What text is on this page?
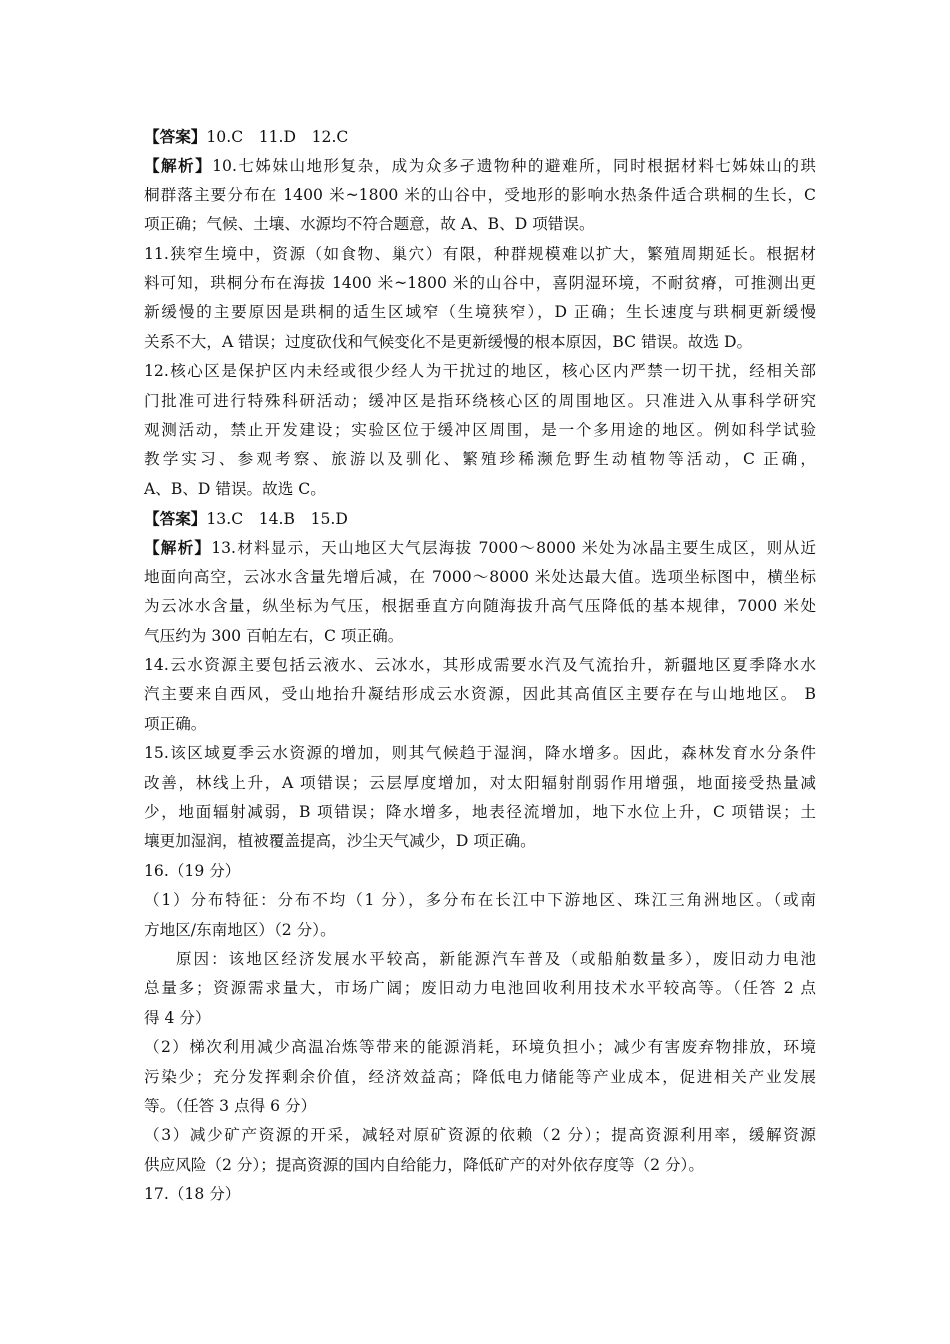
【答案】10.C　11.D　12.C
【解析】10.七姊妹山地形复杂，成为众多孑遗物种的避难所，同时根据材料七姊妹山的珙
桐群落主要分布在 1400 米~1800 米的山谷中，受地形的影响水热条件适合珙桐的生长，C
项正确；气候、土壤、水源均不符合题意，故 A、B、D 项错误。
11.狭窄生境中，资源（如食物、巢穴）有限，种群规模难以扩大，繁殖周期延长。根据材
料可知，珙桐分布在海拔 1400 米~1800 米的山谷中，喜阴湿环境，不耐贫瘠，可推测出更
新缓慢的主要原因是珙桐的适生区域窄（生境狭窄），D 正确；生长速度与珙桐更新缓慢
关系不大，A 错误；过度砍伐和气候变化不是更新缓慢的根本原因，BC 错误。故选 D。
12.核心区是保护区内未经或很少经人为干扰过的地区，核心区内严禁一切干扰，经相关部
门批准可进行特殊科研活动；缓冲区是指环绕核心区的周围地区。只准进入从事科学研究
观测活动，禁止开发建设；实验区位于缓冲区周围，是一个多用途的地区。例如科学试验
教学实习、参观考察、旅游以及驯化、繁殖珍稀濒危野生动植物等活动，C 正确，
A、B、D 错误。故选 C。
【答案】13.C　14.B　15.D
【解析】13.材料显示，天山地区大气层海拔 7000～8000 米处为冰晶主要生成区，则从近
地面向高空，云冰水含量先增后减，在 7000～8000 米处达最大值。选项坐标图中，横坐标
为云冰水含量，纵坐标为气压，根据垂直方向随海拔升高气压降低的基本规律，7000 米处
气压约为 300 百帕左右，C 项正确。
14.云水资源主要包括云液水、云冰水，其形成需要水汽及气流抬升，新疆地区夏季降水水
汽主要来自西风，受山地抬升凝结形成云水资源，因此其高值区主要存在与山地地区。 B
项正确。
15.该区域夏季云水资源的增加，则其气候趋于湿润，降水增多。因此，森林发育水分条件
改善，林线上升，A 项错误；云层厚度增加，对太阳辐射削弱作用增强，地面接受热量减
少，地面辐射减弱，B 项错误；降水增多，地表径流增加，地下水位上升，C 项错误；土
壤更加湿润，植被覆盖提高，沙尘天气减少，D 项正确。
16.（19 分）
（1）分布特征：分布不均（1 分），多分布在长江中下游地区、珠江三角洲地区。（或南
方地区/东南地区）（2 分）。
原因：该地区经济发展水平较高，新能源汽车普及（或船舶数量多），废旧动力电池
总量多；资源需求量大，市场广阔；废旧动力电池回收利用技术水平较高等。（任答 2 点
得 4 分）
（2）梯次利用减少高温冶炼等带来的能源消耗，环境负担小；减少有害废弃物排放，环境
污染少；充分发挥剩余价值，经济效益高；降低电力储能等产业成本，促进相关产业发展
等。（任答 3 点得 6 分）
（3）减少矿产资源的开采，减轻对原矿资源的依赖（2 分）；提高资源利用率，缓解资源
供应风险（2 分）；提高资源的国内自给能力，降低矿产的对外依存度等（2 分）。
17.（18 分）
